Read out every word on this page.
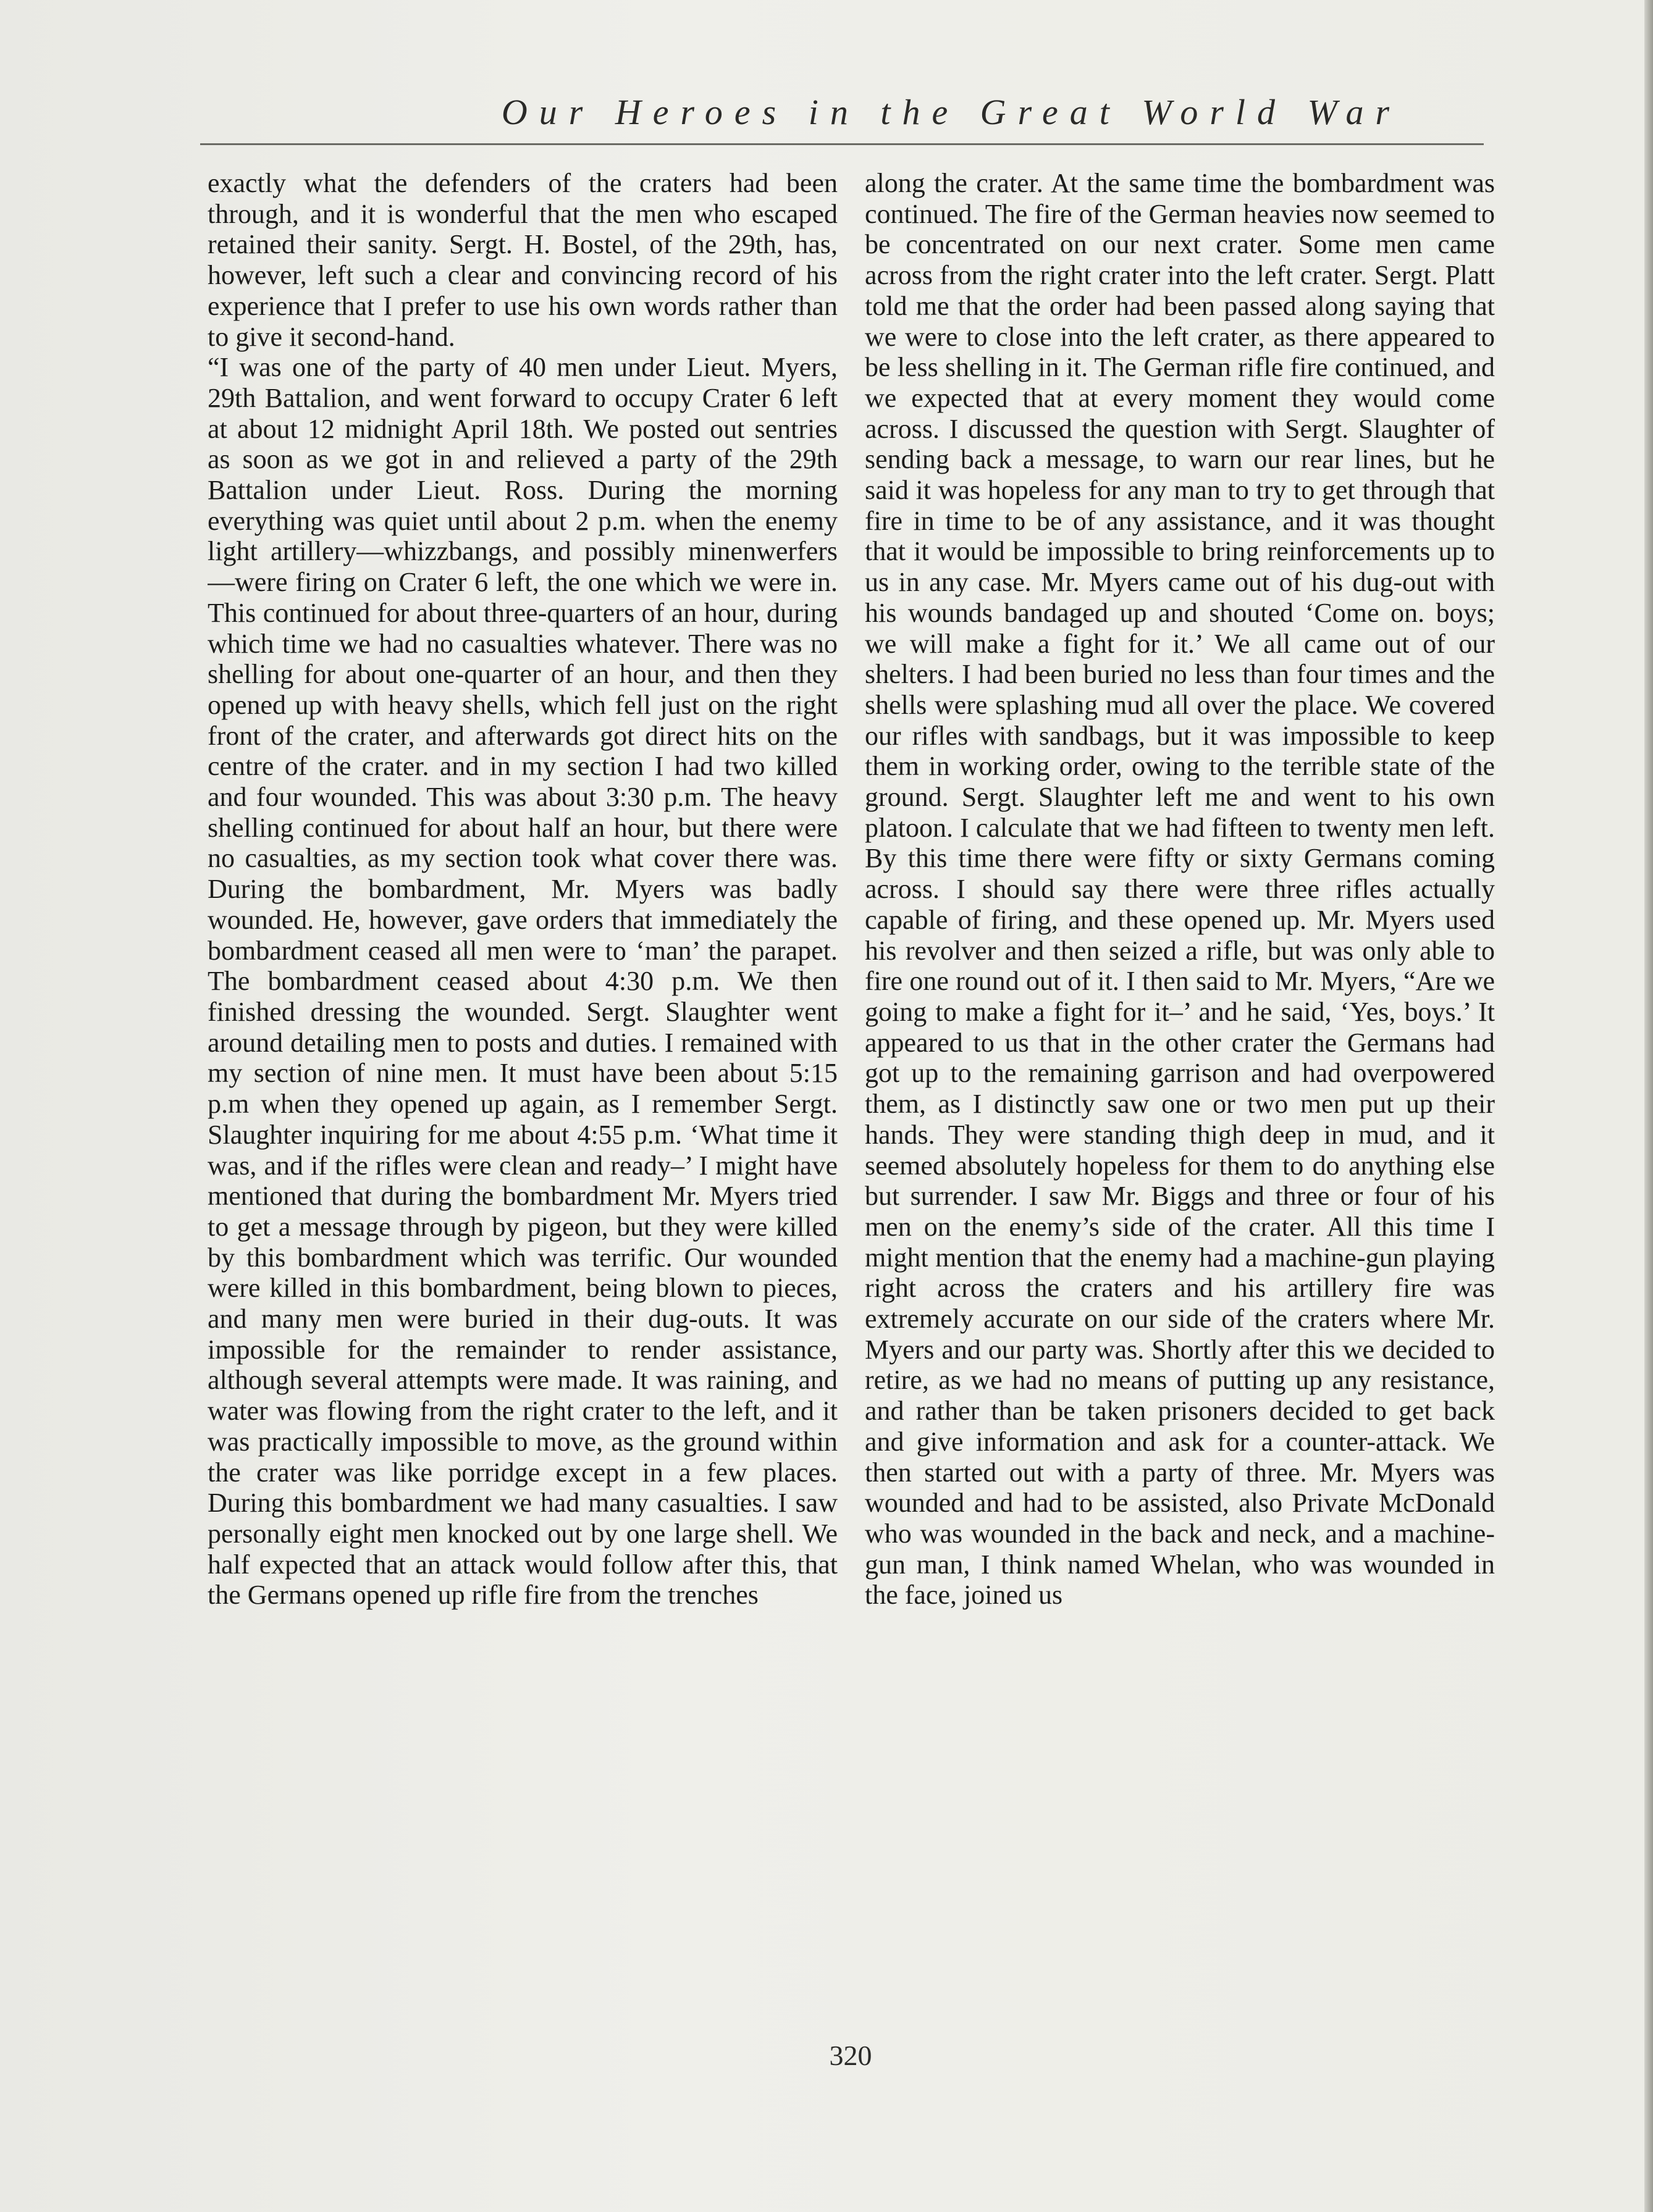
Our Heroes in the Great World War

exactly what the defenders of the craters had been through, and it is wonderful that the men who escaped retained their sanity. Sergt. H. Bostel, of the 29th, has, however, left such a clear and convincing record of his experience that I prefer to use his own words rather than to give it second-hand.
“I was one of the party of 40 men under Lieut. Myers, 29th Battalion, and went forward to occupy Crater 6 left at about 12 midnight April 18th. We posted out sentries as soon as we got in and relieved a party of the 29th Battalion under Lieut. Ross. During the morning everything was quiet until about 2 p.m. when the enemy light artillery—whizzbangs, and possibly minenwerfers—were firing on Crater 6 left, the one which we were in. This continued for about three-quarters of an hour, during which time we had no casualties whatever. There was no shelling for about one-quarter of an hour, and then they opened up with heavy shells, which fell just on the right front of the crater, and afterwards got direct hits on the centre of the crater. and in my section I had two killed and four wounded. This was about 3:30 p.m. The heavy shelling continued for about half an hour, but there were no casualties, as my section took what cover there was. During the bombardment, Mr. Myers was badly wounded. He, however, gave orders that immediately the bombardment ceased all men were to ‘man’ the parapet. The bombardment ceased about 4:30 p.m. We then finished dressing the wounded. Sergt. Slaughter went around detailing men to posts and duties. I remained with my section of nine men. It must have been about 5:15 p.m when they opened up again, as I remember Sergt. Slaughter inquiring for me about 4:55 p.m. ‘What time it was, and if the rifles were clean and ready–’ I might have mentioned that during the bombardment Mr. Myers tried to get a message through by pigeon, but they were killed by this bombardment which was terrific. Our wounded were killed in this bombardment, being blown to pieces, and many men were buried in their dug-outs. It was impossible for the remainder to render assistance, although several attempts were made. It was raining, and water was flowing from the right crater to the left, and it was practically impossible to move, as the ground within the crater was like porridge except in a few places. During this bombardment we had many casualties. I saw personally eight men knocked out by one large shell. We half expected that an attack would follow after this, that the Germans opened up rifle fire from the trenches

along the crater. At the same time the bombardment was continued. The fire of the German heavies now seemed to be concentrated on our next crater. Some men came across from the right crater into the left crater. Sergt. Platt told me that the order had been passed along saying that we were to close into the left crater, as there appeared to be less shelling in it. The German rifle fire continued, and we expected that at every moment they would come across. I discussed the question with Sergt. Slaughter of sending back a message, to warn our rear lines, but he said it was hopeless for any man to try to get through that fire in time to be of any assistance, and it was thought that it would be impossible to bring reinforcements up to us in any case. Mr. Myers came out of his dug-out with his wounds bandaged up and shouted ‘Come on. boys; we will make a fight for it.’ We all came out of our shelters. I had been buried no less than four times and the shells were splashing mud all over the place. We covered our rifles with sandbags, but it was impossible to keep them in working order, owing to the terrible state of the ground. Sergt. Slaughter left me and went to his own platoon. I calculate that we had fifteen to twenty men left. By this time there were fifty or sixty Germans coming across. I should say there were three rifles actually capable of firing, and these opened up. Mr. Myers used his revolver and then seized a rifle, but was only able to fire one round out of it. I then said to Mr. Myers, “Are we going to make a fight for it–’ and he said, ‘Yes, boys.’ It appeared to us that in the other crater the Germans had got up to the remaining garrison and had overpowered them, as I distinctly saw one or two men put up their hands. They were standing thigh deep in mud, and it seemed absolutely hopeless for them to do anything else but surrender. I saw Mr. Biggs and three or four of his men on the enemy’s side of the crater. All this time I might mention that the enemy had a machine-gun playing right across the craters and his artillery fire was extremely accurate on our side of the craters where Mr. Myers and our party was. Shortly after this we decided to retire, as we had no means of putting up any resistance, and rather than be taken prisoners decided to get back and give information and ask for a counter-attack. We then started out with a party of three. Mr. Myers was wounded and had to be assisted, also Private McDonald who was wounded in the back and neck, and a machine-gun man, I think named Whelan, who was wounded in the face, joined us

320
